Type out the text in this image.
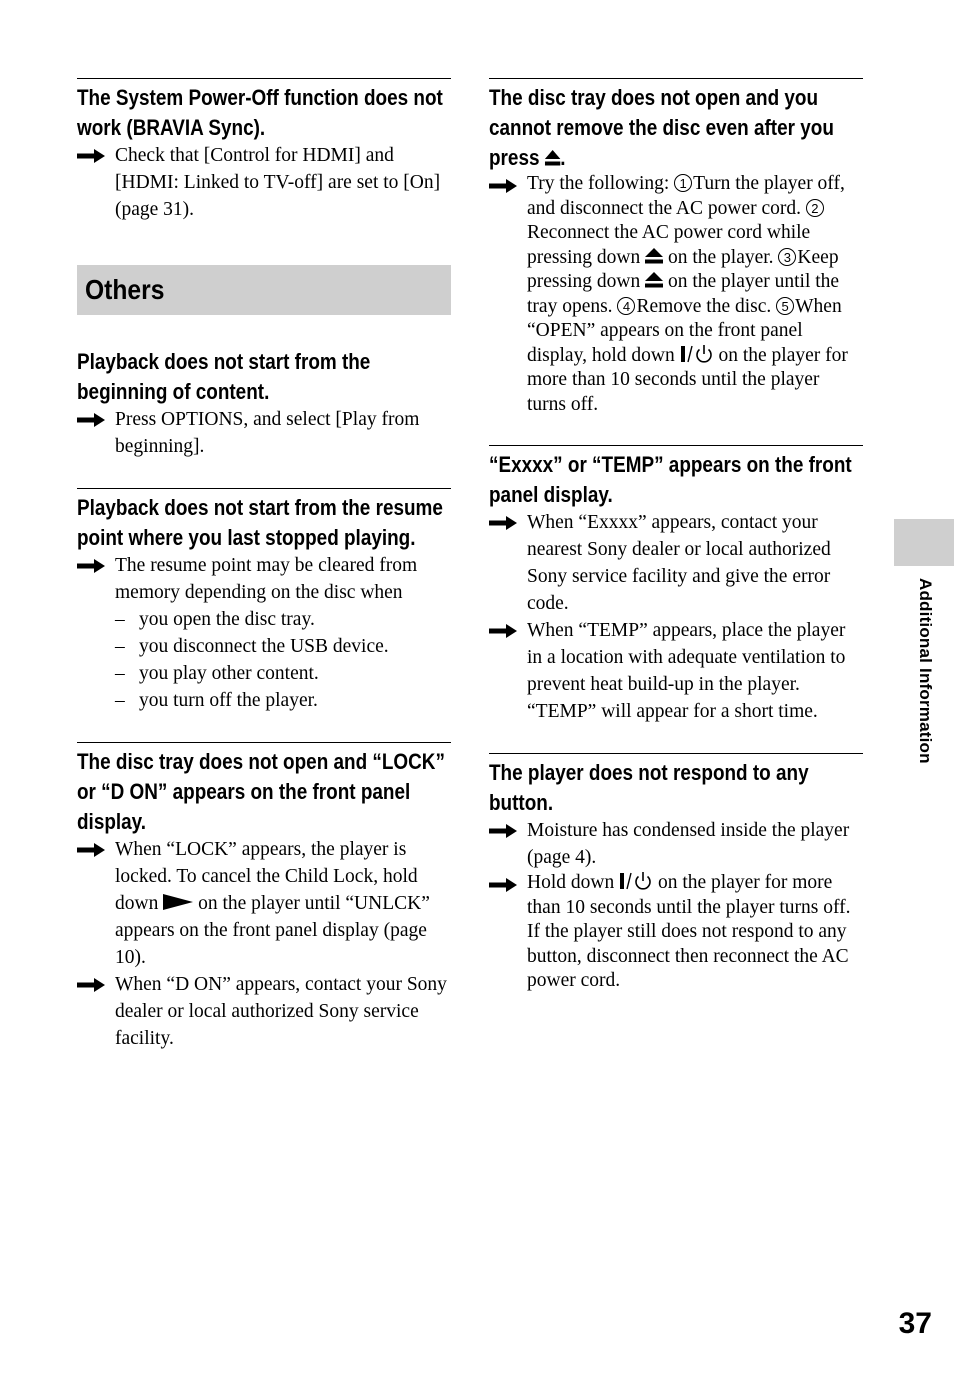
The System Power-Off function does not work (BRAVIA Sync).
Check that [Control for HDMI] and [HDMI: Linked to TV-off] are set to [On] (page 31).
Others
Playback does not start from the beginning of content.
Press OPTIONS, and select [Play from beginning].
Playback does not start from the resume point where you last stopped playing.
The resume point may be cleared from memory depending on the disc when
– you open the disc tray.
– you disconnect the USB device.
– you play other content.
– you turn off the player.
The disc tray does not open and “LOCK” or “D ON” appears on the front panel display.
When “LOCK” appears, the player is locked. To cancel the Child Lock, hold down on the player until “UNLCK” appears on the front panel display (page 10).
When “D ON” appears, contact your Sony dealer or local authorized Sony service facility.
The disc tray does not open and you cannot remove the disc even after you press .
Try the following: 1 Turn the player off, and disconnect the AC power cord. 2Reconnect the AC power cord while pressing down on the player. 3 Keep pressing down on the player until the tray opens. 4 Remove the disc. 5 When “OPEN” appears on the front panel display, hold down on the player for more than 10 seconds until the player turns off.
“Exxxx” or “TEMP” appears on the front panel display.
When “Exxxx” appears, contact your nearest Sony dealer or local authorized Sony service facility and give the error code.
When “TEMP” appears, place the player in a location with adequate ventilation to prevent heat build-up in the player. “TEMP” will appear for a short time.
The player does not respond to any button.
Moisture has condensed inside the player (page 4).
Hold down on the player for more than 10 seconds until the player turns off.
If the player still does not respond to any button, disconnect then reconnect the AC power cord.
Additional Information
37
